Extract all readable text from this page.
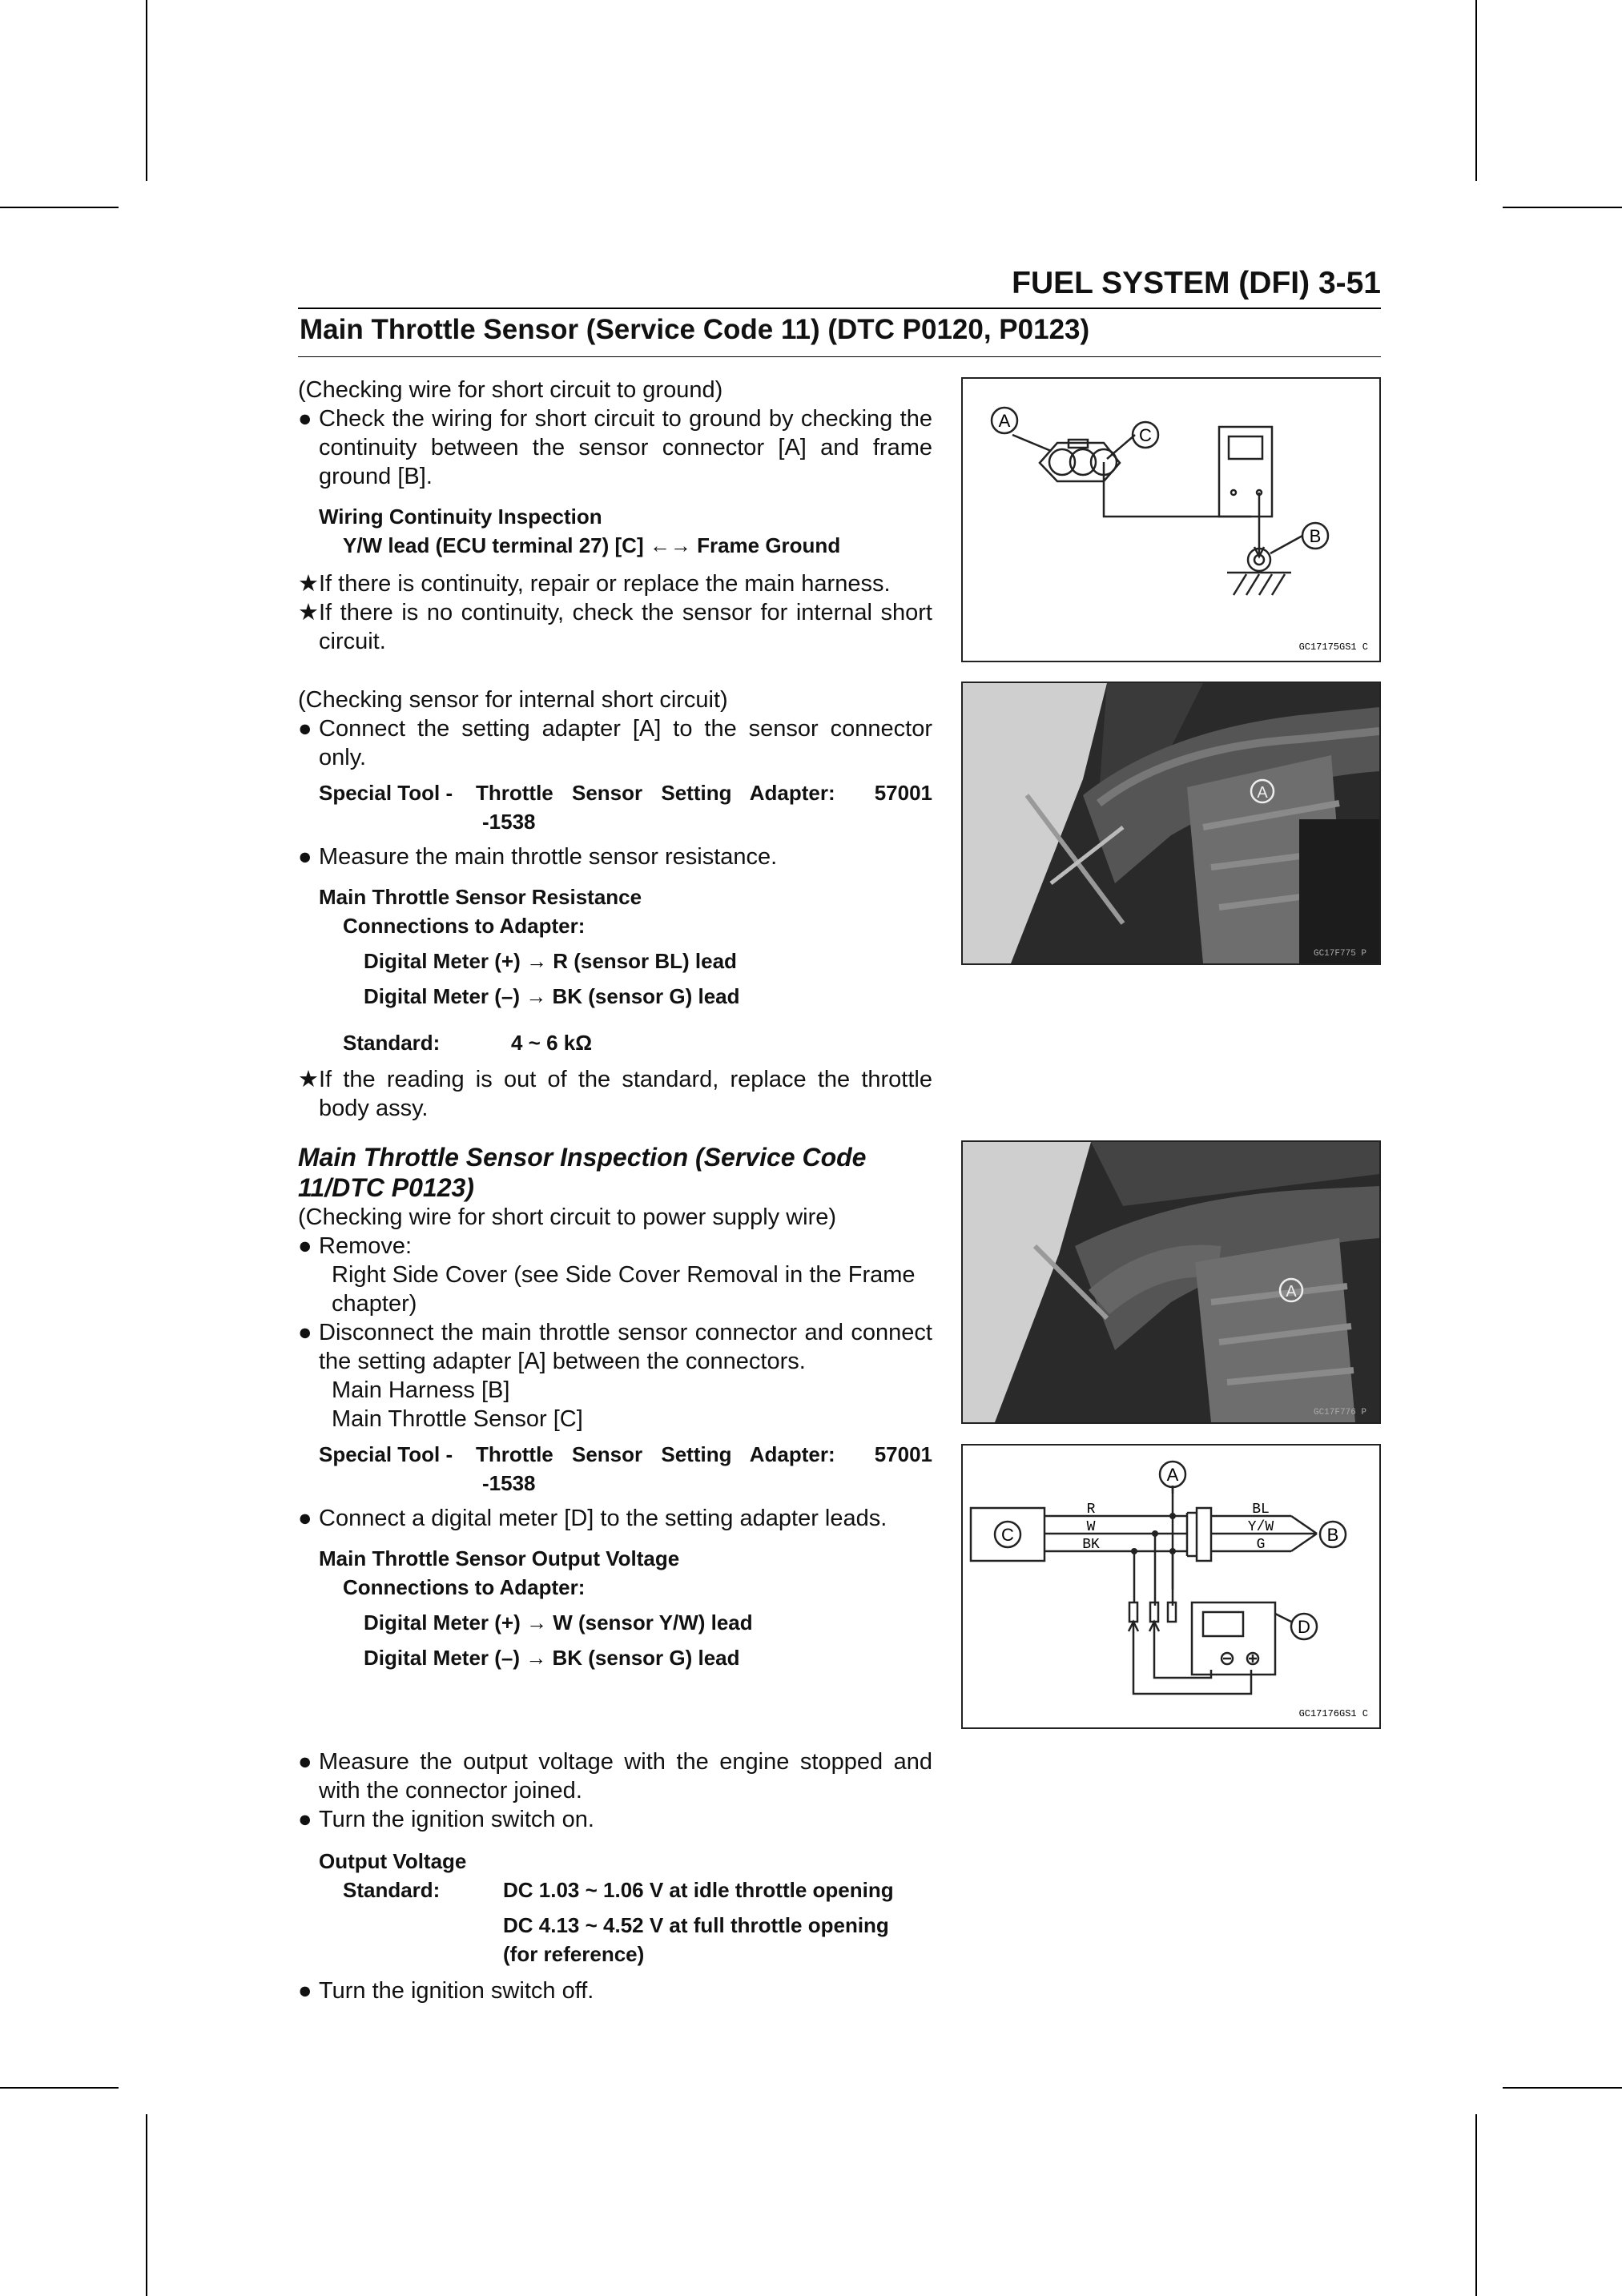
FUEL SYSTEM (DFI) 3-51
Main Throttle Sensor (Service Code 11) (DTC P0120, P0123)

(Checking wire for short circuit to ground)

● Check the wiring for short circuit to ground by checking the continuity between the sensor connector [A] and frame ground [B].
Wiring Continuity Inspection
Y/W lead (ECU terminal 27) [C] ←→ Frame Ground
★ If there is continuity, repair or replace the main harness.
★ If there is no continuity, check the sensor for internal short circuit.

(Checking sensor for internal short circuit)

● Connect the setting adapter [A] to the sensor connector only.
Special Tool -	Throttle Sensor Setting Adapter:	57001
	-1538	
● Measure the main throttle sensor resistance.
Main Throttle Sensor Resistance
Connections to Adapter:
Digital Meter (+) → R (sensor BL) lead
Digital Meter (–) → BK (sensor G) lead
Standard:	4 ~ 6 kΩ
★ If the reading is out of the standard, replace the throttle body assy.
Main Throttle Sensor Inspection (Service Code 11/DTC P0123)

(Checking wire for short circuit to power supply wire)

● Remove:
Right Side Cover (see Side Cover Removal in the Frame chapter)
● Disconnect the main throttle sensor connector and connect the setting adapter [A] between the connectors.
Main Harness [B]
Main Throttle Sensor [C]
Special Tool -	Throttle Sensor Setting Adapter:	57001
	-1538	
● Connect a digital meter [D] to the setting adapter leads.
Main Throttle Sensor Output Voltage
Connections to Adapter:
Digital Meter (+) → W (sensor Y/W) lead
Digital Meter (–) → BK (sensor G) lead
● Measure the output voltage with the engine stopped and with the connector joined.
● Turn the ignition switch on.
Output Voltage
Standard:	DC 1.03 ~ 1.06 V at idle throttle opening
	DC 4.13 ~ 4.52 V at full throttle opening (for reference)
● Turn the ignition switch off.
A
C
B
GC17175GS1 C
A
GC17F775 P
A
GC17F776 P
R
W
BK
BL
Y/W
G
A
C	B
D
GC17176GS1 C
